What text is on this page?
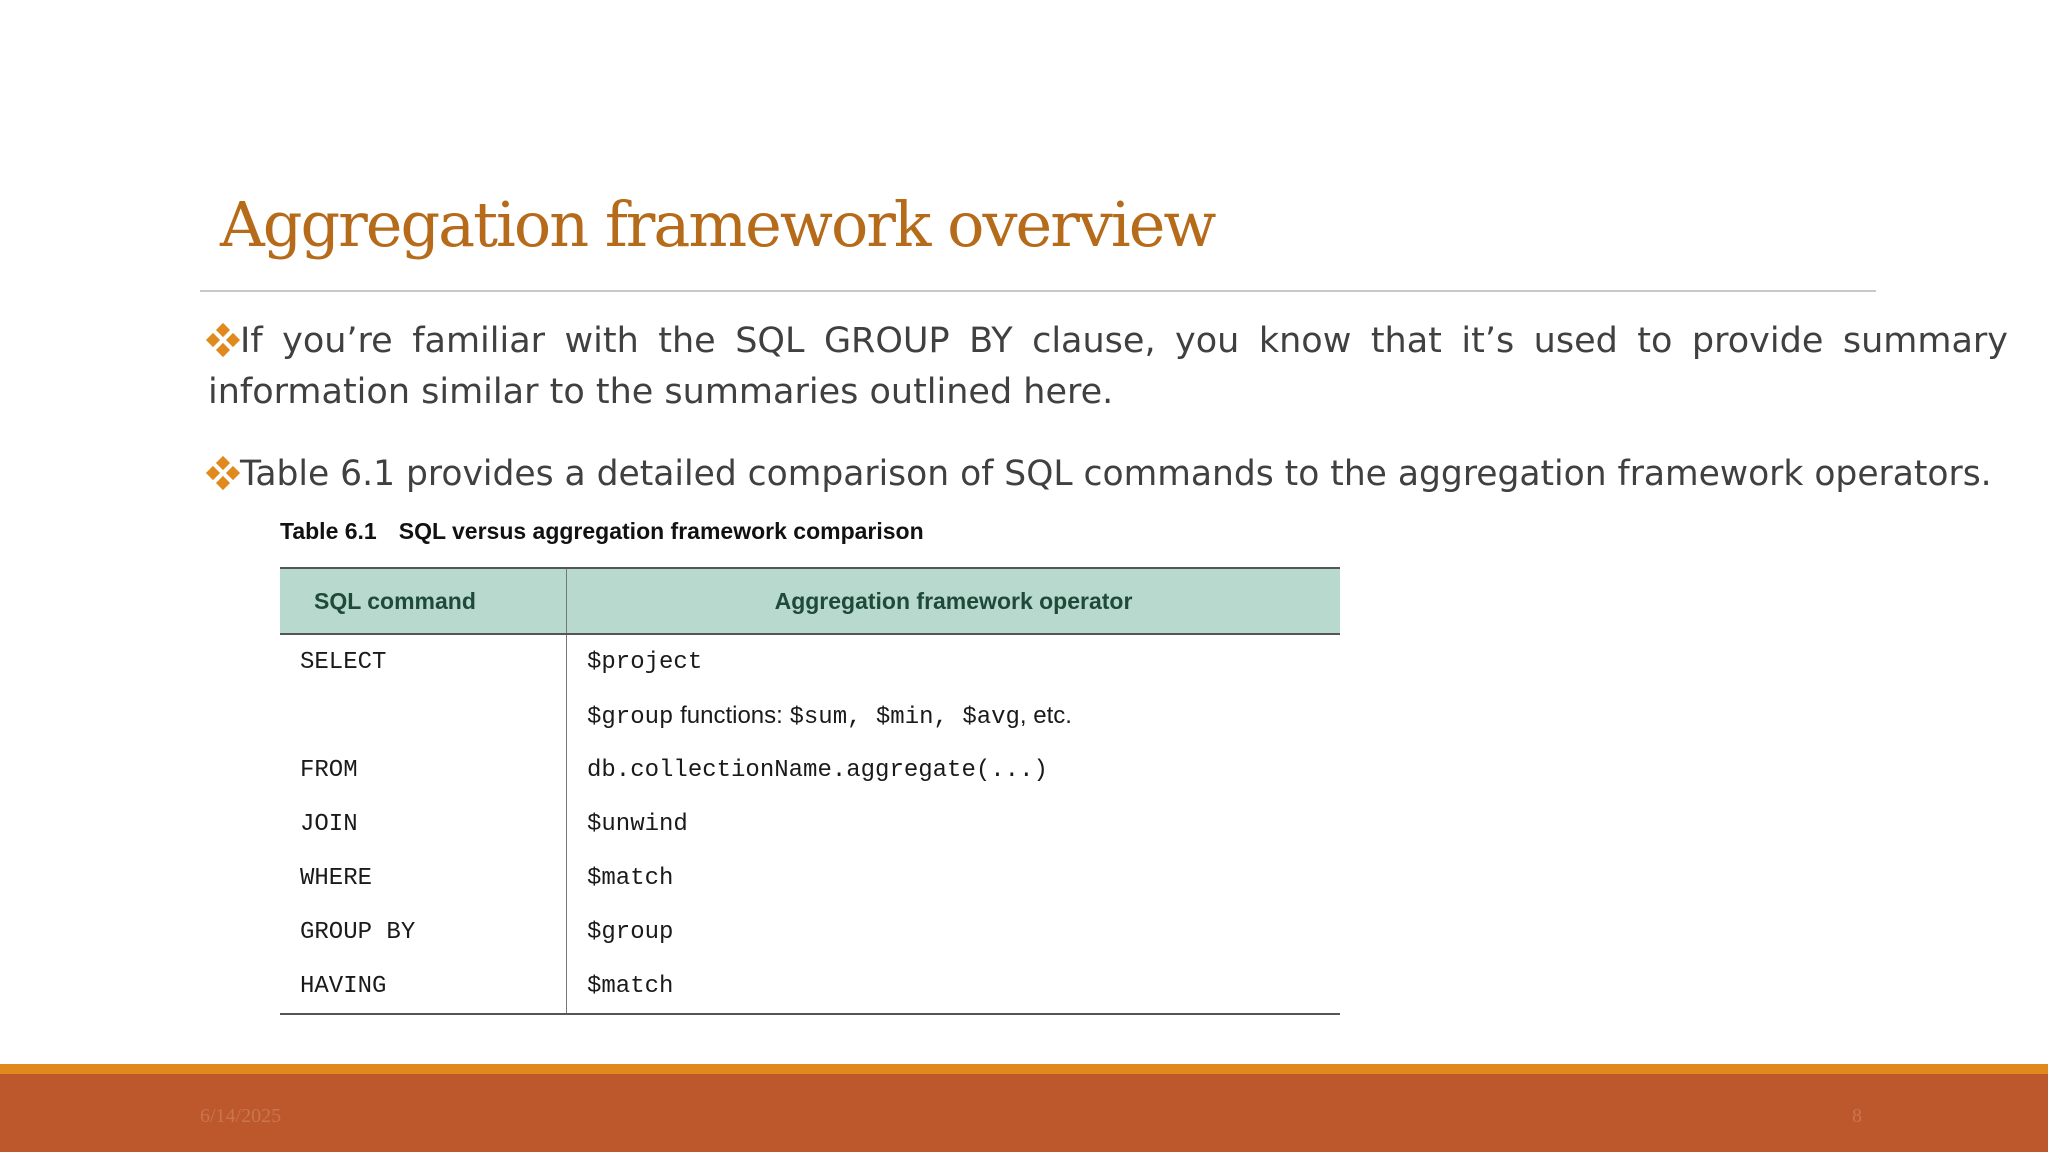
Aggregation framework overview
If you’re familiar with the SQL GROUP BY clause, you know that it’s used to provide summary information similar to the summaries outlined here.
Table 6.1 provides a detailed comparison of SQL commands to the aggregation framework operators.
Table 6.1 SQL versus aggregation framework comparison
SQL command	Aggregation framework operator
SELECT	$project
	$group functions: $sum, $min, $avg, etc.
FROM	db.collectionName.aggregate(...)
JOIN	$unwind
WHERE	$match
GROUP BY	$group
HAVING	$match
6/14/2025	8
